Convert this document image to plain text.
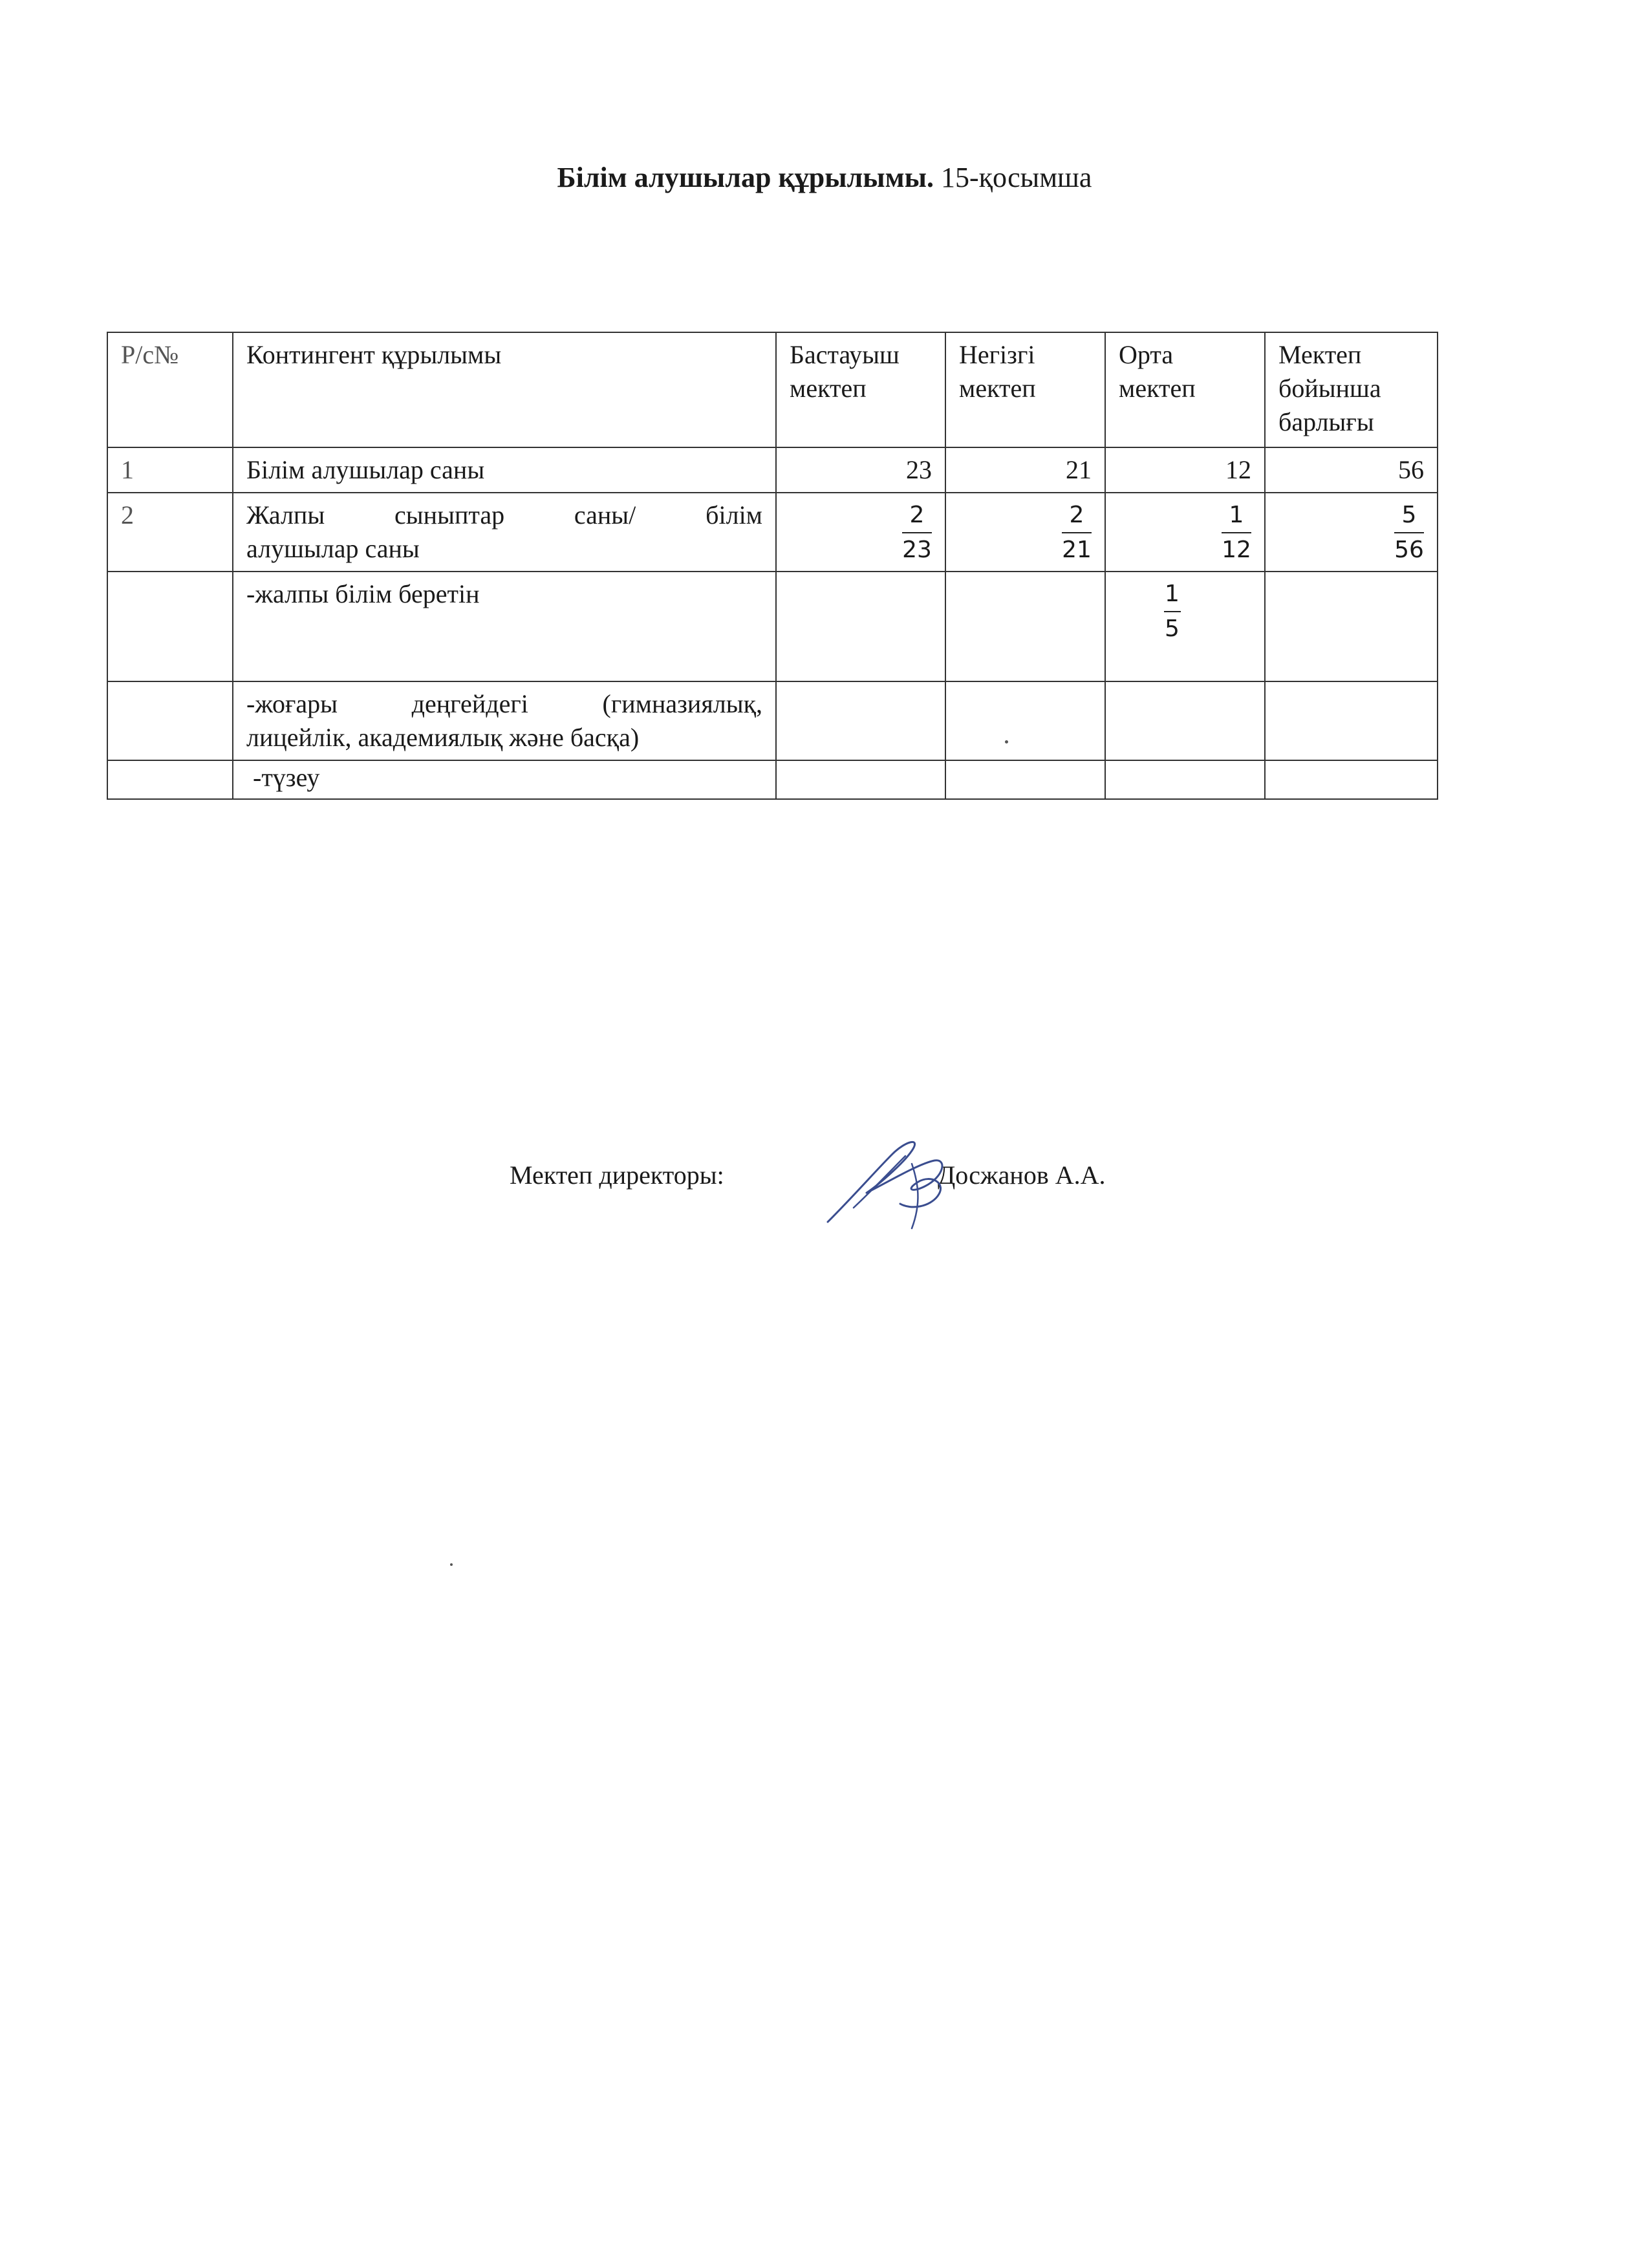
Білім алушылар құрылымы. 15-қосымша
Р/с№	Контингент құрылымы	Бастауыш мектеп	Негізгі мектеп	Орта мектеп	Мектеп бойынша барлығы
1	Білім алушылар саны	23	21	12	56
2	Жалпы сыныптар саны/ білім
алушылар саны	$\frac{2}{23}$	$\frac{2}{21}$	$\frac{1}{12}$	$\frac{5}{56}$

	-жалпы білім беретін			$\frac{1}{5}$

	-жоғары деңгейдегі (гимназиялық,
лицейлік, академиялық және басқа)				

	-түзеу				
Мектеп директоры:	Досжанов А.А.
